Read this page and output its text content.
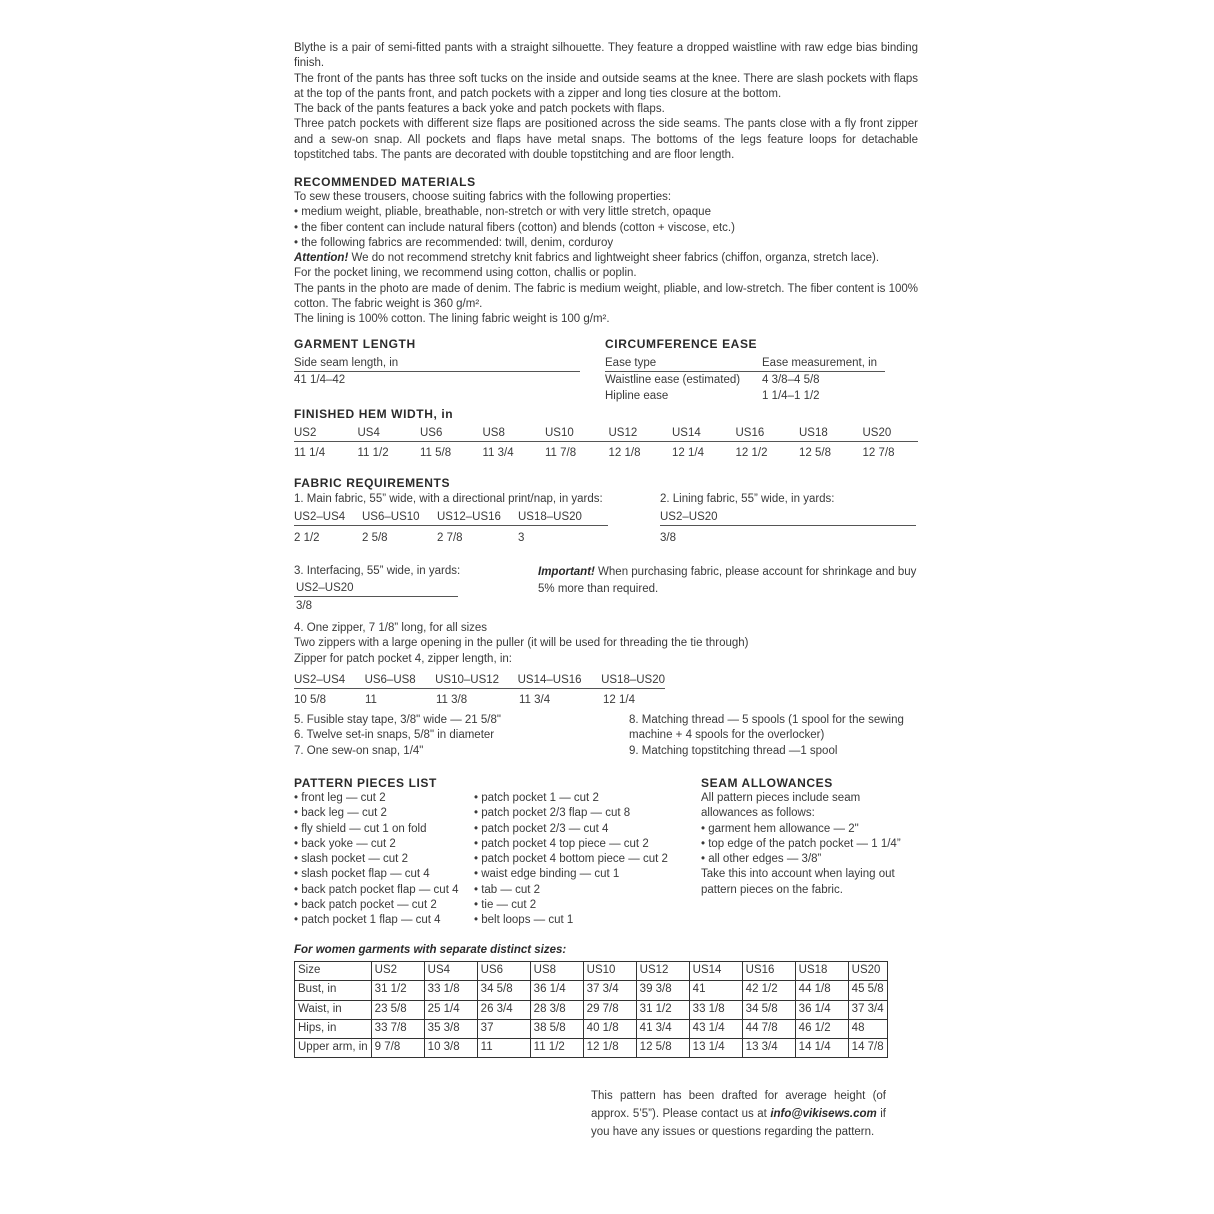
Blythe is a pair of semi-fitted pants with a straight silhouette. They feature a dropped waistline with raw edge bias binding finish.
The front of the pants has three soft tucks on the inside and outside seams at the knee. There are slash pockets with flaps at the top of the pants front, and patch pockets with a zipper and long ties closure at the bottom.
The back of the pants features a back yoke and patch pockets with flaps.
Three patch pockets with different size flaps are positioned across the side seams. The pants close with a fly front zipper and a sew-on snap. All pockets and flaps have metal snaps. The bottoms of the legs feature loops for detachable topstitched tabs. The pants are decorated with double topstitching and are floor length.
RECOMMENDED MATERIALS
To sew these trousers, choose suiting fabrics with the following properties:
• medium weight, pliable, breathable, non-stretch or with very little stretch, opaque
• the fiber content can include natural fibers (cotton) and blends (cotton + viscose, etc.)
• the following fabrics are recommended: twill, denim, corduroy
Attention! We do not recommend stretchy knit fabrics and lightweight sheer fabrics (chiffon, organza, stretch lace).
For the pocket lining, we recommend using cotton, challis or poplin.
The pants in the photo are made of denim. The fabric is medium weight, pliable, and low-stretch. The fiber content is 100% cotton. The fabric weight is 360 g/m².
The lining is 100% cotton. The lining fabric weight is 100 g/m².
GARMENT LENGTH
Side seam length, in
41 1/4–42
CIRCUMFERENCE EASE
Ease type	Ease measurement, in
Waistline ease (estimated)	4 3/8–4 5/8
Hipline ease	1 1/4–1 1/2
FINISHED HEM WIDTH, in
US2	US4	US6	US8	US10	US12	US14	US16	US18	US20
11 1/4	11 1/2	11 5/8	11 3/4	11 7/8	12 1/8	12 1/4	12 1/2	12 5/8	12 7/8
FABRIC REQUIREMENTS
1. Main fabric, 55” wide, with a directional print/nap, in yards:
US2–US4	US6–US10	US12–US16	US18–US20
2 1/2	2 5/8	2 7/8	3
2. Lining fabric, 55” wide, in yards:
US2–US20
3/8
3. Interfacing, 55” wide, in yards:
US2–US20
3/8
Important! When purchasing fabric, please account for shrinkage and buy 5% more than required.
4. One zipper, 7 1/8” long, for all sizes
Two zippers with a large opening in the puller (it will be used for threading the tie through)
Zipper for patch pocket 4, zipper length, in:
US2–US4	US6–US8	US10–US12	US14–US16	US18–US20
10 5/8	11	11 3/8	11 3/4	12 1/4
5. Fusible stay tape, 3/8" wide — 21 5/8"
6. Twelve set-in snaps, 5/8" in diameter
7. One sew-on snap, 1/4"
8. Matching thread — 5 spools (1 spool for the sewing
machine + 4 spools for the overlocker)
9. Matching topstitching thread —1 spool
PATTERN PIECES LIST
• front leg — cut 2
• back leg — cut 2
• fly shield — cut 1 on fold
• back yoke — cut 2
• slash pocket — cut 2
• slash pocket flap — cut 4
• back patch pocket flap — cut 4
• back patch pocket — cut 2
• patch pocket 1 flap — cut 4
• patch pocket 1 — cut 2
• patch pocket 2/3 flap — cut 8
• patch pocket 2/3 — cut 4
• patch pocket 4 top piece — cut 2
• patch pocket 4 bottom piece — cut 2
• waist edge binding — cut 1
• tab — cut 2
• tie — cut 2
• belt loops — cut 1
SEAM ALLOWANCES
All pattern pieces include seam
allowances as follows:
• garment hem allowance — 2"
• top edge of the patch pocket — 1 1/4”
• all other edges — 3/8”
Take this into account when laying out
pattern pieces on the fabric.
For women garments with separate distinct sizes:
Size	US2	US4	US6	US8	US10	US12	US14	US16	US18	US20
Bust, in	31 1/2	33 1/8	34 5/8	36 1/4	37 3/4	39 3/8	41	42 1/2	44 1/8	45 5/8
Waist, in	23 5/8	25 1/4	26 3/4	28 3/8	29 7/8	31 1/2	33 1/8	34 5/8	36 1/4	37 3/4
Hips, in	33 7/8	35 3/8	37	38 5/8	40 1/8	41 3/4	43 1/4	44 7/8	46 1/2	48
Upper arm, in	9 7/8	10 3/8	11	11 1/2	12 1/8	12 5/8	13 1/4	13 3/4	14 1/4	14 7/8
This pattern has been drafted for average height (of approx. 5’5”). Please contact us at info@vikisews.com if you have any issues or questions regarding the pattern.
